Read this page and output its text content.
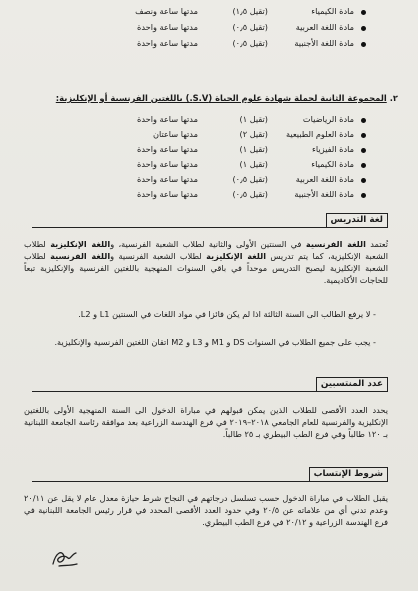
مادة الكيمياء
(تقيل ١٫٥)
مدتها ساعة ونصف
مادة اللغة العربية
(تقيل ٠٫٥)
مدتها ساعة واحدة
مادة اللغة الأجنبية
(تقيل ٠٫٥)
مدتها ساعة واحدة
٢. المجموعة الثانية لحملة شهادة علوم الحياة (S.V.) باللغتين الفرنسية أو الإنكليزية:
مادة الرياضيات
(تقيل ١)
مدتها ساعة واحدة
مادة العلوم الطبيعية
(تقيل ٢)
مدتها ساعتان
مادة الفيزياء
(تقيل ١)
مدتها ساعة واحدة
مادة الكيمياء
(تقيل ١)
مدتها ساعة واحدة
مادة اللغة العربية
(تقيل ٠٫٥)
مدتها ساعة واحدة
مادة اللغة الأجنبية
(تقيل ٠٫٥)
مدتها ساعة واحدة
لغة التدريس
تُعتمد اللغة الفرنسية في السنتين الأولى والثانية لطلاب الشعبة الفرنسية، واللغة الإنكليزية لطلاب الشعبة الإنكليزية، كما يتم تدريس اللغة الإنكليزية لطلاب الشعبة الفرنسية واللغة الفرنسية لطلاب الشعبة الإنكليزية ليصبح التدريس موحداً في باقي السنوات المنهجية باللغتين الفرنسية والإنكليزية تبعاً للحاجات الأكاديمية.
- لا يرفع الطالب الى السنة الثالثة اذا لم يكن فائزا في مواد اللغات في السنتين L1 و L2.
- يجب على جميع الطلاب في السنوات DS و M1 و L3 و M2 اتقان اللغتين الفرنسية والإنكليزية.
عدد المنتسبين
يحدد العدد الأقصى للطلاب الذين يمكن قبولهم في مباراة الدخول الى السنة المنهجية الأولى باللغتين الإنكليزية والفرنسية للعام الجامعي ٢٠١٨–٢٠١٩ في فرع الهندسة الزراعية بعد موافقة رئاسة الجامعة اللبنانية بـ ١٢٠ طالباً وفي فرع الطب البيطري بـ ٢٥ طالباً.
شروط الإنتساب
يقبل الطلاب في مباراة الدخول حسب تسلسل درجاتهم في النجاح شرط حيازة معدل عام لا يقل عن ٢٠/١١ وعدم تدني أي من علاماته عن ٢٠/٥ وفي حدود العدد الأقصى المحدد في قرار رئيس الجامعة اللبنانية في فرع الهندسة الزراعية و ٢٠/١٢ في فرع الطب البيطري.
